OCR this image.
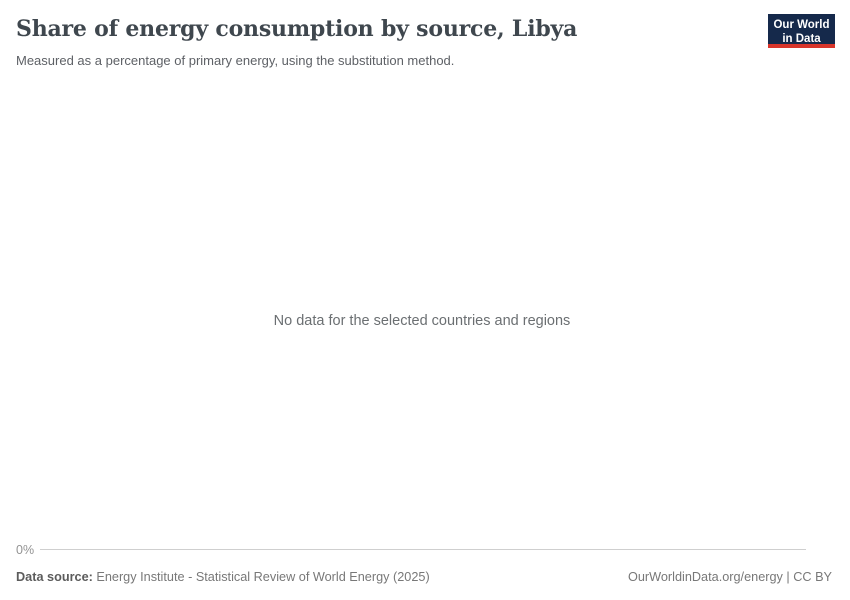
Share of energy consumption by source, Libya

Measured as a percentage of primary energy, using the substitution method.

Our World
in Data
No data for the selected countries and regions
0%
Data source: Energy Institute - Statistical Review of World Energy (2025)	OurWorldinData.org/energy | CC BY
